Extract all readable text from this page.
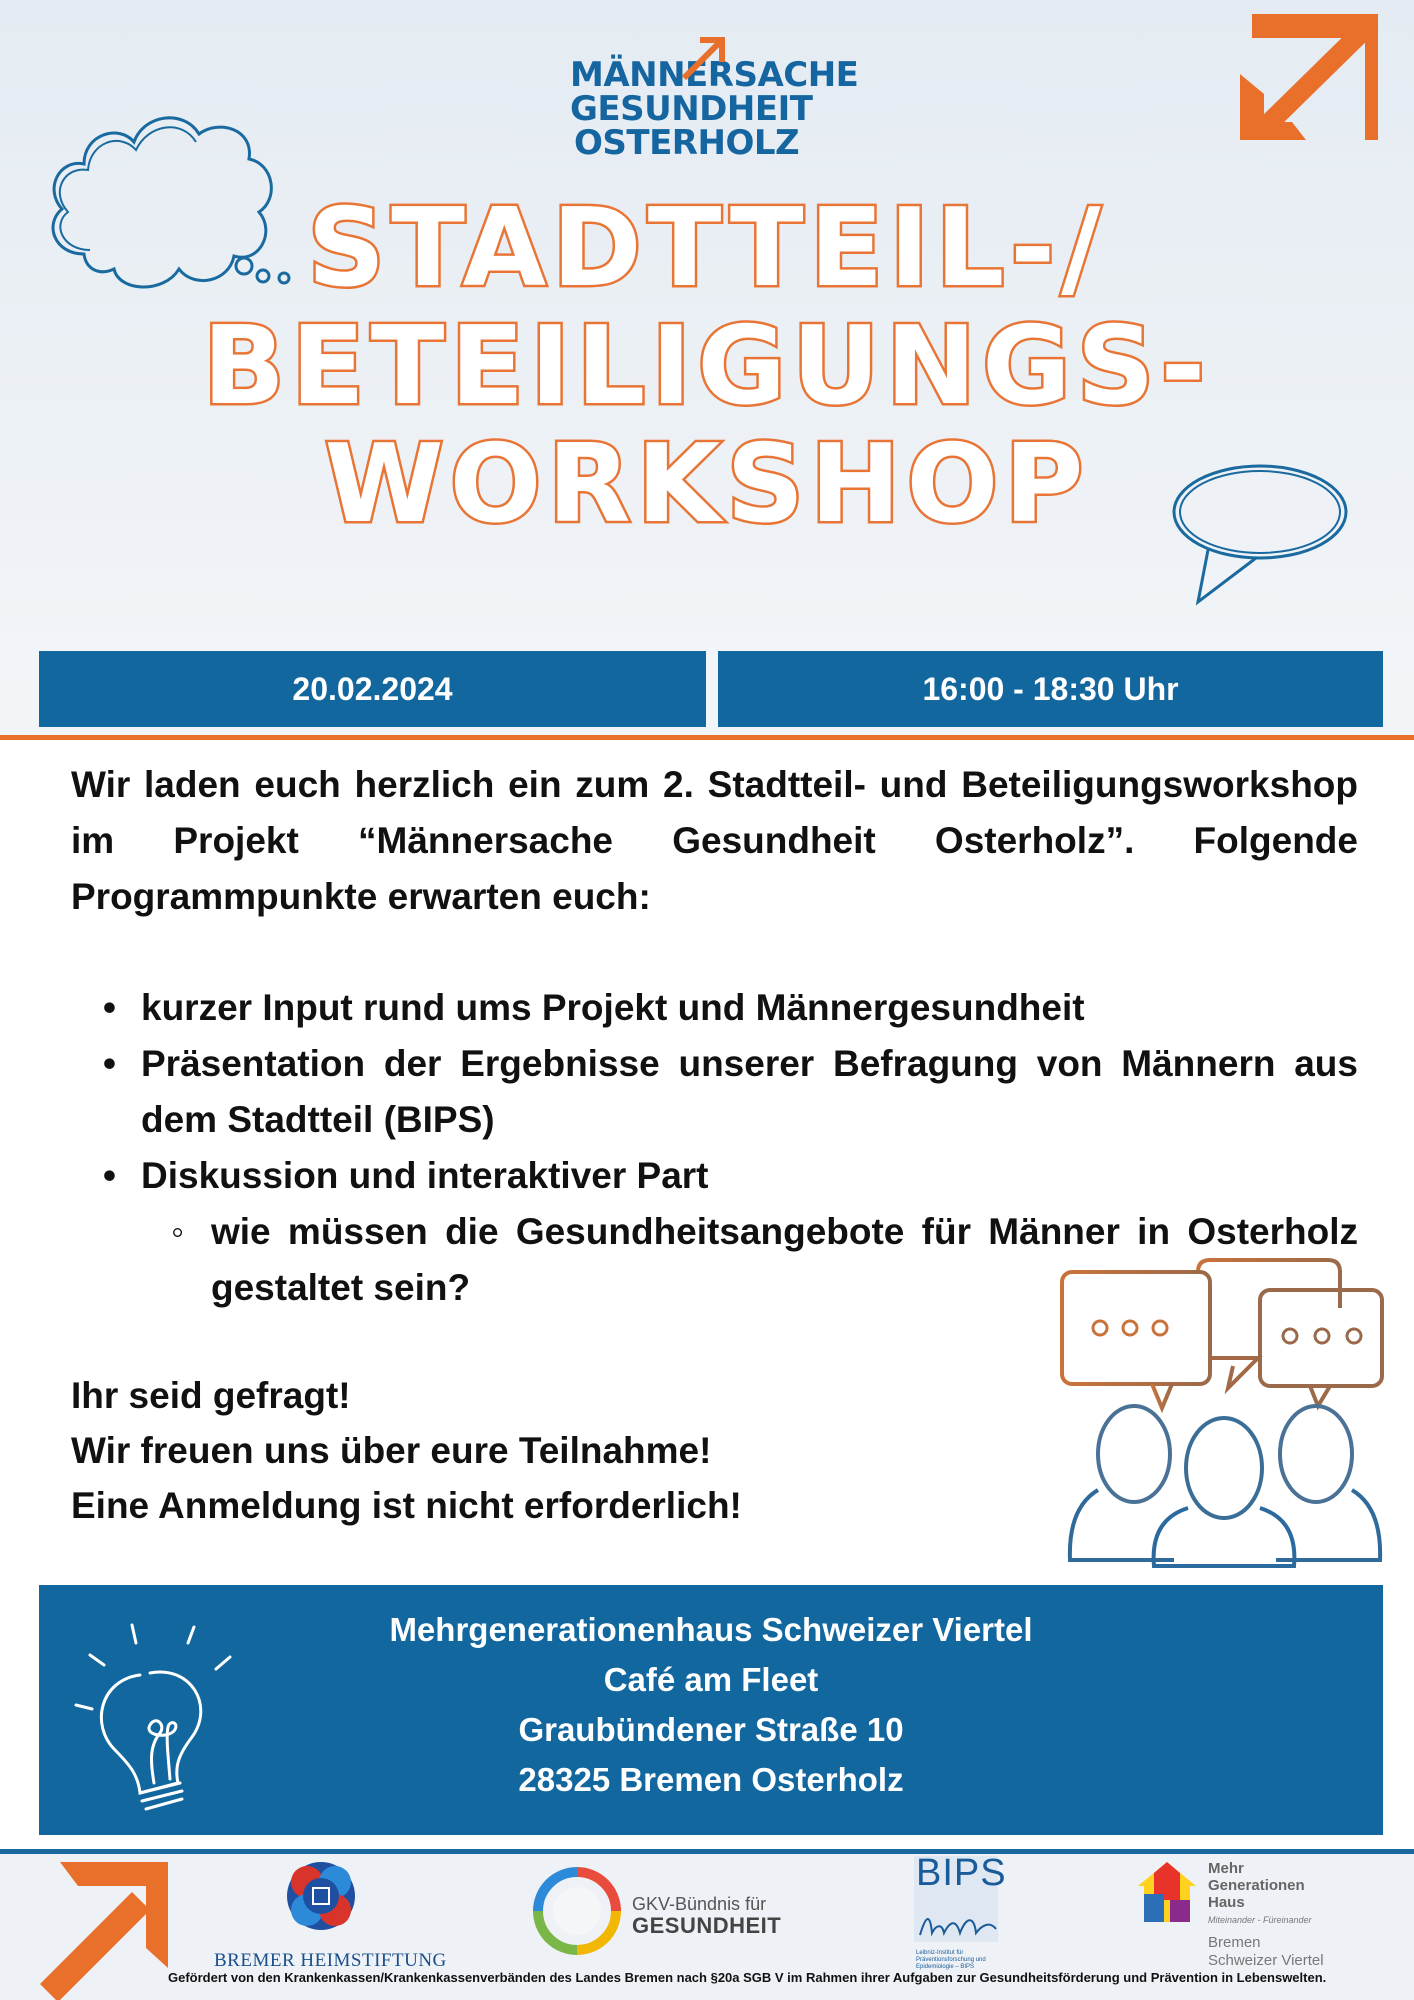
MÄNNERSACHE
GESUNDHEIT
OSTERHOLZ
STADTTEIL-/
BETEILIGUNGS-
WORKSHOP
20.02.2024	16:00 - 18:30 Uhr
Wir laden euch herzlich ein zum 2. Stadtteil- und Beteiligungsworkshop im Projekt “Männersache Gesundheit Osterholz”. Folgende Programmpunkte erwarten euch:
• kurzer Input rund ums Projekt und Männergesundheit
• Präsentation der Ergebnisse unserer Befragung von Männern aus dem Stadtteil (BIPS)
• Diskussion und interaktiver Part
◦ wie müssen die Gesundheitsangebote für Männer in Osterholz gestaltet sein?
Ihr seid gefragt!
Wir freuen uns über eure Teilnahme!
Eine Anmeldung ist nicht erforderlich!
Mehrgenerationenhaus Schweizer Viertel
Café am Fleet
Graubündener Straße 10
28325 Bremen Osterholz
BREMER HEIMSTIFTUNG
GKV-Bündnis für
GESUNDHEIT
BIPS
Leibniz-Institut für Präventionsforschung und Epidemiologie – BIPS
Mehr
Generationen
Haus
Miteinander - Füreinander
Bremen
Schweizer Viertel
Gefördert von den Krankenkassen/Krankenkassenverbänden des Landes Bremen nach §20a SGB V im Rahmen ihrer Aufgaben zur Gesundheitsförderung und Prävention in Lebenswelten.
